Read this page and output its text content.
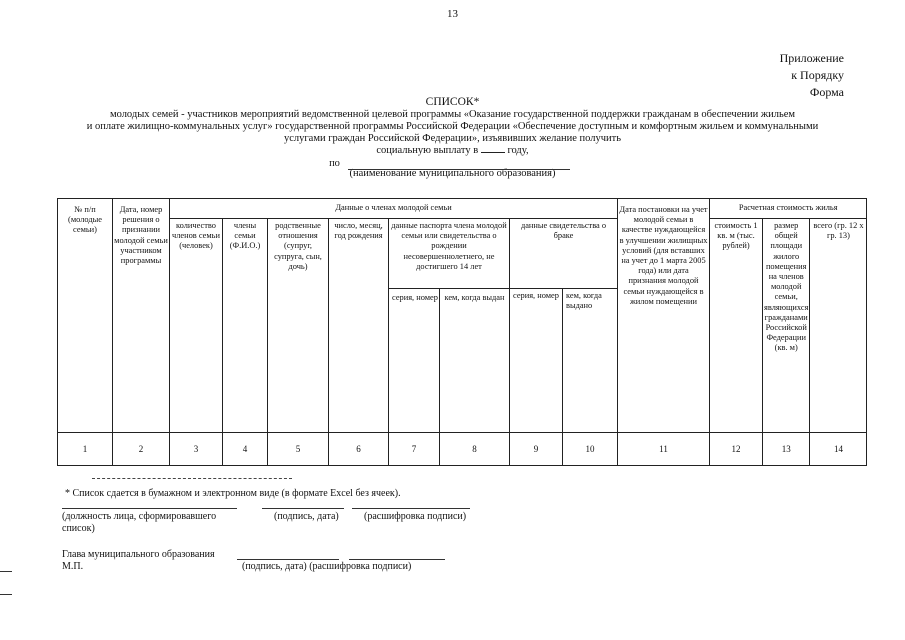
13
Приложение
к Порядку
Форма
СПИСОК*
молодых семей - участников мероприятий ведомственной целевой программы «Оказание государственной поддержки гражданам в обеспечении жильем
и оплате жилищно-коммунальных услуг» государственной программы Российской Федерации «Обеспечение доступным и комфортным жильем и коммунальными
услугами граждан Российской Федерации», изъявивших желание получить
социальную выплату в	году,
по
(наименование муниципального образования)
№ п/п (молодые семьи)	Дата, номер решения о признании молодой семьи участником программы	Данные о членах молодой семьи								Дата постановки на учет молодой семьи в качестве нуждающейся в улучшении жилищных условий (для вставших на учет до 1 марта 2005 года) или дата признания молодой семьи нуждающейся в жилом помещении	Расчетная стоимость жилья		
		количество членов семьи (человек)	члены семьи (Ф.И.О.)	родственные отношения (супруг, супруга, сын, дочь)	число, месяц, год рождения	данные паспорта члена молодой семьи или свидетельства о рождении несовершеннолетнего, не достигшего 14 лет		данные свидетельства о браке			стоимость 1 кв. м (тыс. рублей)	размер общей площади жилого помещения на членов молодой семьи, являющихся гражданами Российской Федерации (кв. м)	всего (гр. 12 х гр. 13)
						серия, номер	кем, когда выдан	серия, номер	кем, когда выдано				
1	2	3	4	5	6	7	8	9	10	11	12	13	14
* Список сдается в бумажном и электронном виде (в формате Excel без ячеек).
(должность лица, сформировавшего	(подпись, дата)	(расшифровка подписи)
список)
Глава муниципального образования
М.П.	(подпись, дата) (расшифровка подписи)
